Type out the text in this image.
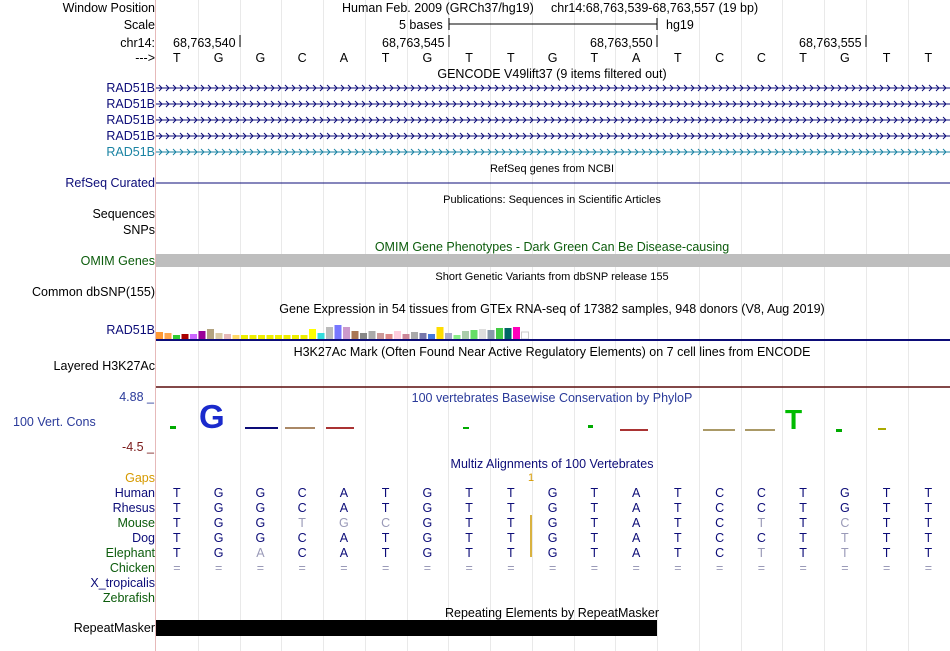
Window Position	Human Feb. 2009 (GRCh37/hg19) chr14:68,763,539-68,763,557 (19 bp)
Scale	5 bases	hg19
chr14: 68,763,540	68,763,545	68,763,550	68,763,555
--->	T	G	G	C	A	T	G	T	T	G	T	A	T	C	C	T	G	T	T
GENCODE V49lift37 (9 items filtered out)
RAD51B
RAD51B
RAD51B
RAD51B
RAD51B
RefSeq genes from NCBI
RefSeq Curated
Publications: Sequences in Scientific Articles
Sequences
SNPs
OMIM Gene Phenotypes - Dark Green Can Be Disease-causing
OMIM Genes
Short Genetic Variants from dbSNP release 155
Common dbSNP(155)
Gene Expression in 54 tissues from GTEx RNA-seq of 17382 samples, 948 donors (V8, Aug 2019)
RAD51B
H3K27Ac Mark (Often Found Near Active Regulatory Elements) on 7 cell lines from ENCODE
Layered H3K27Ac
100 vertebrates Basewise Conservation by PhyloP
4.88 _
100 Vert. Cons
-4.5 _
G	T
Multiz Alignments of 100 Vertebrates
Gaps	1
Human	T	G	G	C	A	T	G	T	T	G	T	A	T	C	C	T	G	T	T
Rhesus	T	G	G	C	A	T	G	T	T	G	T	A	T	C	C	T	G	T	T
Mouse	T	G	G	T	G	C	G	T	T	G	T	A	T	C	T	T	C	T	T
Dog	T	G	G	C	A	T	G	T	T	G	T	A	T	C	C	T	T	T	T
Elephant	T	G	A	C	A	T	G	T	T	G	T	A	T	C	T	T	T	T	T
Chicken	=	=	=	=	=	=	=	=	=	=	=	=	=	=	=	=	=	=	=
X_tropicalis
Zebrafish
Repeating Elements by RepeatMasker
RepeatMasker
